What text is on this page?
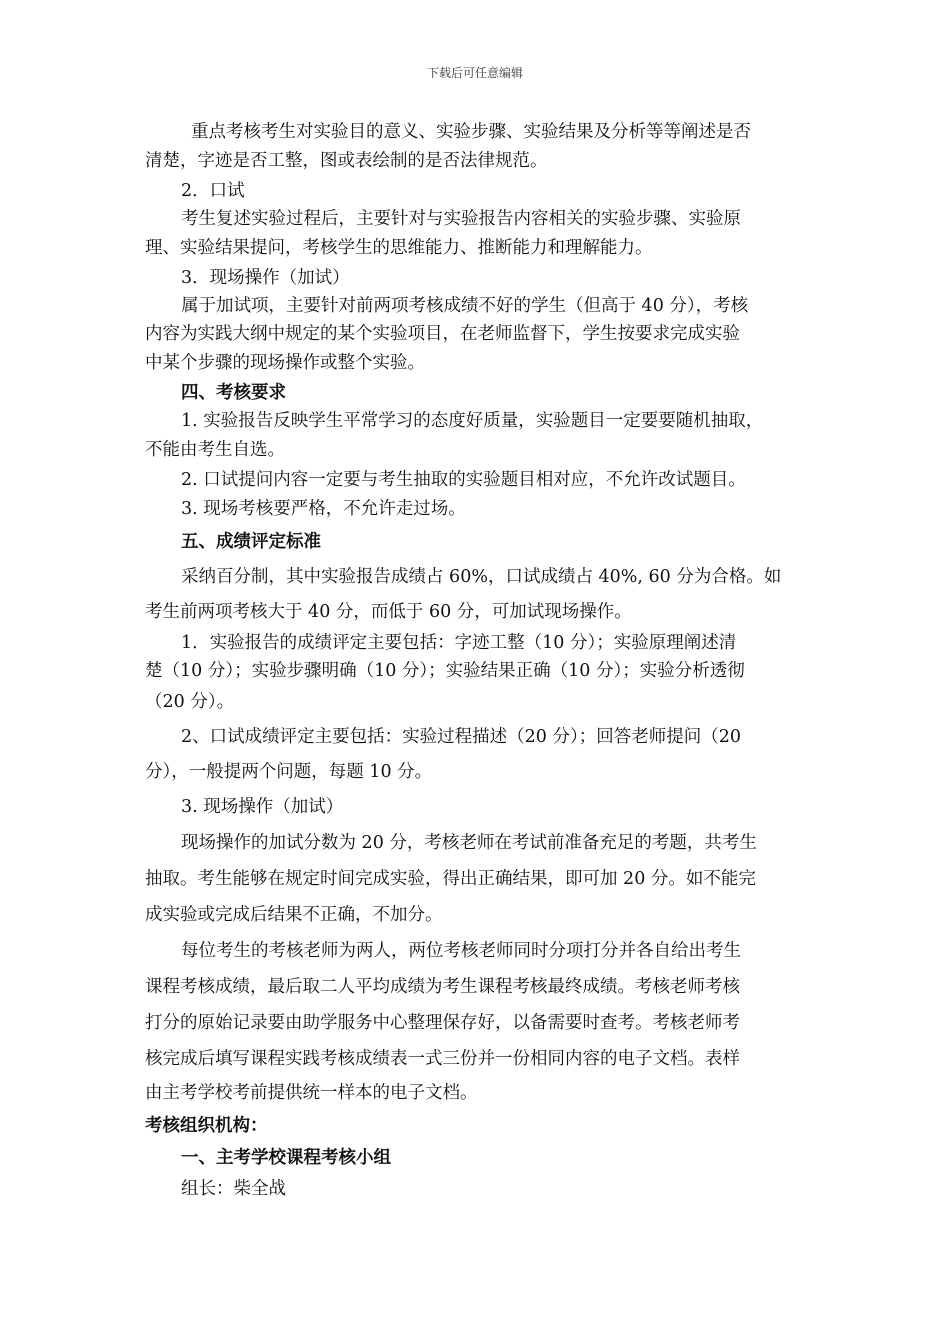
下载后可任意编辑

重点考核考生对实验目的意义、实验步骤、实验结果及分析等等阐述是否

清楚，字迹是否工整，图或表绘制的是否法律规范。

2．口试

考生复述实验过程后，主要针对与实验报告内容相关的实验步骤、实验原

理、实验结果提问，考核学生的思维能力、推断能力和理解能力。

3．现场操作（加试）

属于加试项，主要针对前两项考核成绩不好的学生（但高于 40 分），考核

内容为实践大纲中规定的某个实验项目，在老师监督下，学生按要求完成实验

中某个步骤的现场操作或整个实验。

四、考核要求

1. 实验报告反映学生平常学习的态度好质量，实验题目一定要要随机抽取，

不能由考生自选。

2. 口试提问内容一定要与考生抽取的实验题目相对应，不允许改试题目。

3. 现场考核要严格，不允许走过场。

五、成绩评定标准

采纳百分制，其中实验报告成绩占 60%，口试成绩占 40%, 60 分为合格。如

考生前两项考核大于 40 分，而低于 60 分，可加试现场操作。

1．实验报告的成绩评定主要包括：字迹工整（10 分）；实验原理阐述清

楚（10 分）；实验步骤明确（10 分）；实验结果正确（10 分）；实验分析透彻

（20 分）。

2、口试成绩评定主要包括：实验过程描述（20 分）；回答老师提问（20

分），一般提两个问题，每题 10 分。

3. 现场操作（加试）

现场操作的加试分数为 20 分，考核老师在考试前准备充足的考题，共考生

抽取。考生能够在规定时间完成实验，得出正确结果，即可加 20 分。如不能完

成实验或完成后结果不正确，不加分。

每位考生的考核老师为两人，两位考核老师同时分项打分并各自给出考生

课程考核成绩，最后取二人平均成绩为考生课程考核最终成绩。考核老师考核

打分的原始记录要由助学服务中心整理保存好，以备需要时查考。考核老师考

核完成后填写课程实践考核成绩表一式三份并一份相同内容的电子文档。表样

由主考学校考前提供统一样本的电子文档。

考核组织机构：

一、主考学校课程考核小组

组长：柴全战
